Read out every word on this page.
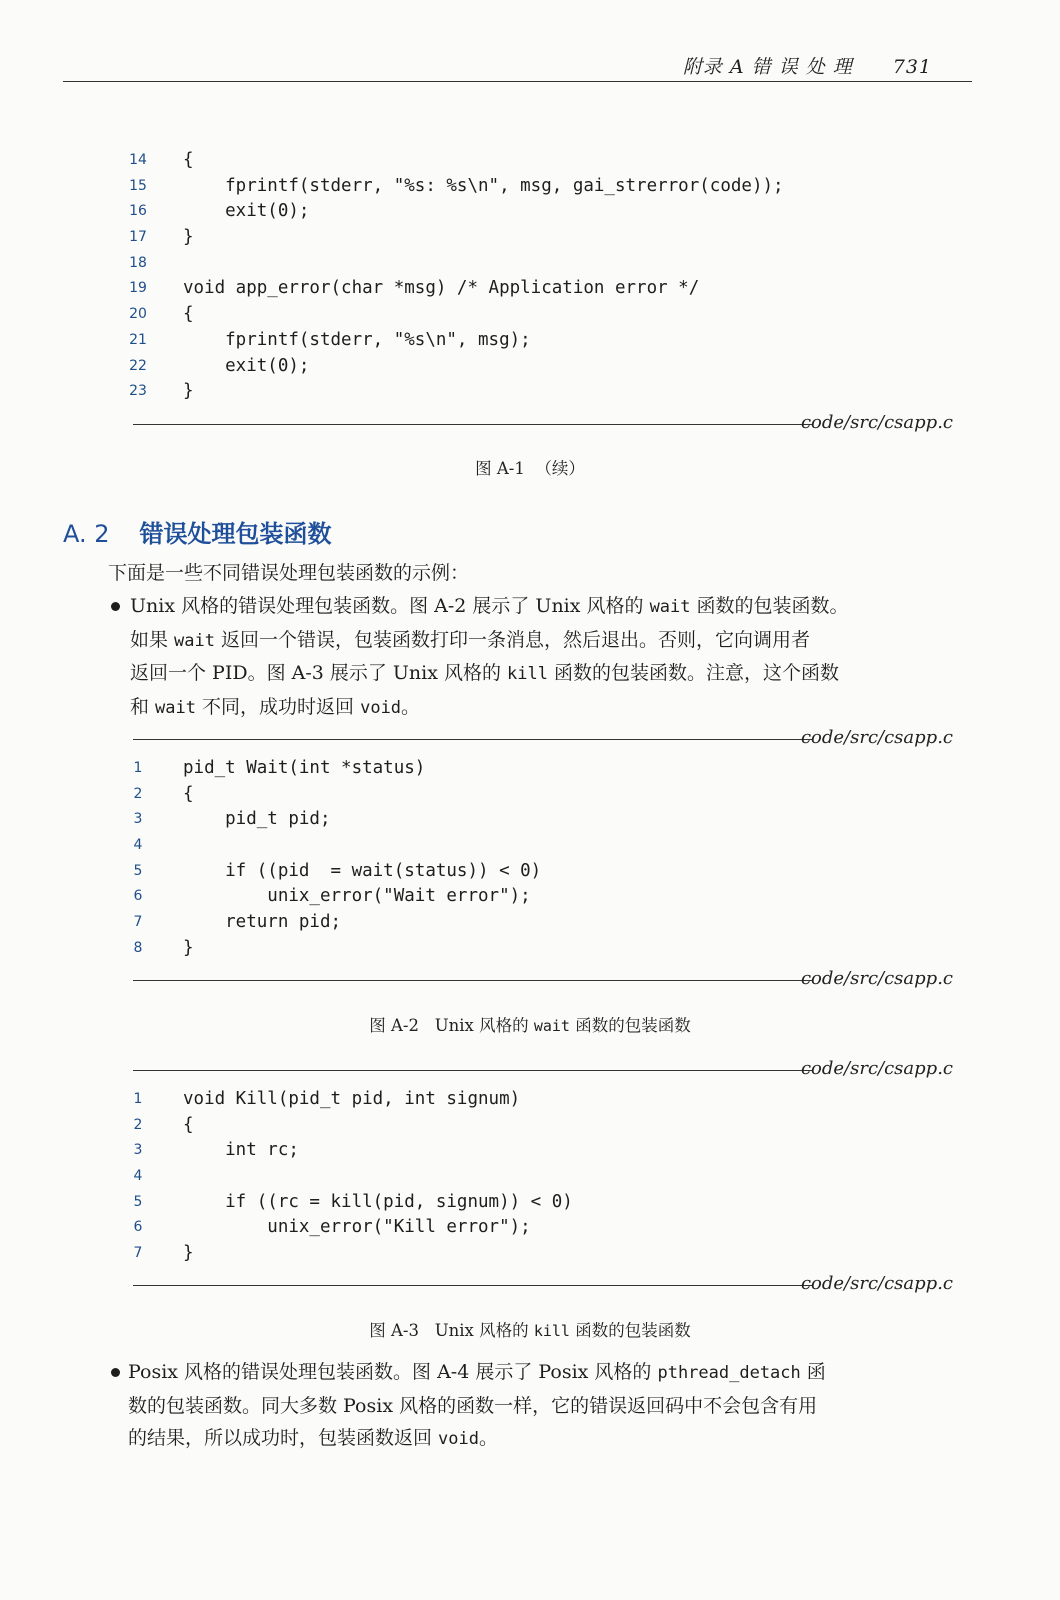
附录 A 错 误 处 理 731
14 {
15 fprintf(stderr, "%s: %s\n", msg, gai_strerror(code));
16 exit(0);
17 }
18
19 void app_error(char *msg) /* Application error */
20 {
21 fprintf(stderr, "%s\n", msg);
22 exit(0);
23 }
code/src/csapp.c
图 A-1  （续）
A. 2 错误处理包装函数
下面是一些不同错误处理包装函数的示例：
Unix 风格的错误处理包装函数。图 A-2 展示了 Unix 风格的 wait 函数的包装函数。
如果 wait 返回一个错误，包装函数打印一条消息，然后退出。否则，它向调用者
返回一个 PID。图 A-3 展示了 Unix 风格的 kill 函数的包装函数。注意，这个函数
和 wait 不同，成功时返回 void。
code/src/csapp.c
1	pid_t Wait(int *status)
2	{
3	pid_t pid;
4
5	if ((pid  = wait(status)) < 0)
6	unix_error("Wait error");
7	return pid;
8	}
code/src/csapp.c
图 A-2   Unix 风格的 wait 函数的包装函数
code/src/csapp.c
1	void Kill(pid_t pid, int signum)
2	{
3	int rc;
4
5	if ((rc = kill(pid, signum)) < 0)
6	unix_error("Kill error");
7	}
code/src/csapp.c
图 A-3   Unix 风格的 kill 函数的包装函数
Posix 风格的错误处理包装函数。图 A-4 展示了 Posix 风格的 pthread_detach 函
数的包装函数。同大多数 Posix 风格的函数一样，它的错误返回码中不会包含有用
的结果，所以成功时，包装函数返回 void。
